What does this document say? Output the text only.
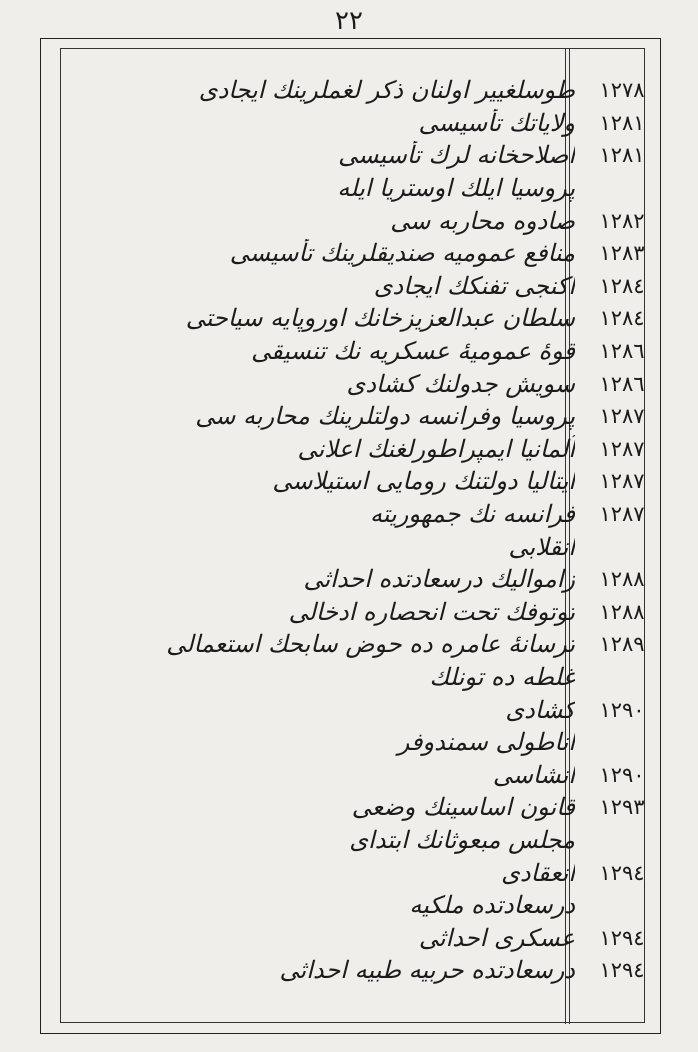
٢٢
١٢٧٨
طوسلغيير اولنان ذكر لغملرينك ايجادى
١٢٨١
ولاياتك تأسيسى
١٢٨١
اصلاحخانه لرك تأسيسى
پروسيا ايلك اوستريا ايله
١٢٨٢
صادوه محاربه سى
١٢٨٣
منافع عموميه صنديقلرينك تأسيسى
١٢٨٤
اكنجى تفنكك ايجادى
١٢٨٤
سلطان عبدالعزيزخانك اوروپايه سياحتى
١٢٨٦
قوۀ عموميۀ عسكريه نك تنسيقى
١٢٨٦
سويش جدولنك كشادى
١٢٨٧
پروسيا وفرانسه دولتلرينك محاربه سى
١٢٨٧
آلمانيا ايمپراطورلغنك اعلانى
١٢٨٧
ايتاليا دولتنك رومايى استيلاسى
١٢٨٧
فرانسه نك جمهوريته
انقلابى
١٢٨٨
زامواليك درسعادتده احداثى
١٢٨٨
توتوفك تحت انحصاره ادخالى
١٢٨٩
ترسانۀ عامره ده حوض سابحك استعمالى
غلطه ده تونلك
١٢٩٠
كشادى
اناطولى سمندوفر
١٢٩٠
انشاسى
١٢٩٣
قانون اساسينك وضعى
مجلس مبعوثانك ابتداى
١٢٩٤
انعقادى
درسعادتده ملكيه
١٢٩٤
عسكرى احداثى
١٢٩٤
درسعادتده حربيه طبيه احداثى
